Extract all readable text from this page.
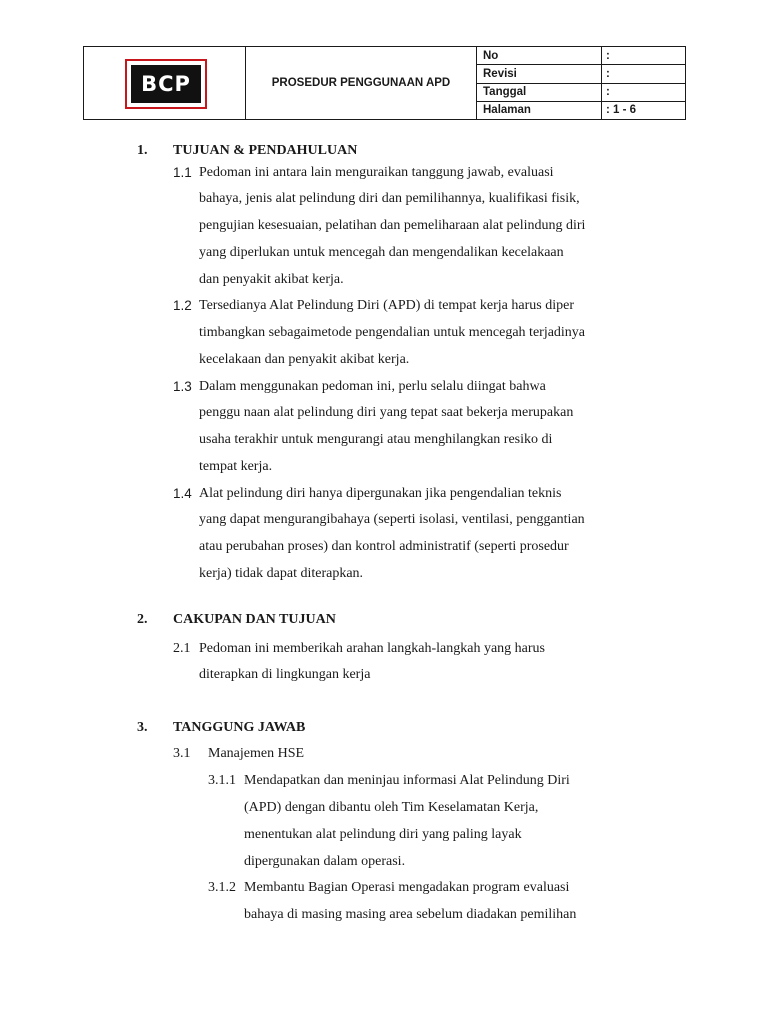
BCP	PROSEDUR PENGGUNAAN APD	No	:
		Revisi	:
		Tanggal	:
		Halaman	: 1 - 6
1. TUJUAN & PENDAHULUAN
1.1 Pedoman ini antara lain menguraikan tanggung jawab, evaluasi
bahaya, jenis alat pelindung diri dan pemilihannya, kualifikasi fisik,
pengujian kesesuaian, pelatihan dan pemeliharaan alat pelindung diri
yang diperlukan untuk mencegah dan mengendalikan kecelakaan
dan penyakit akibat kerja.
1.2 Tersedianya Alat Pelindung Diri (APD) di tempat kerja harus diper
timbangkan sebagaimetode pengendalian untuk mencegah terjadinya
kecelakaan dan penyakit akibat kerja.
1.3 Dalam menggunakan pedoman ini, perlu selalu diingat bahwa
penggu naan alat pelindung diri yang tepat saat bekerja merupakan
usaha terakhir untuk mengurangi atau menghilangkan resiko di
tempat kerja.
1.4 Alat pelindung diri hanya dipergunakan jika pengendalian teknis
yang dapat mengurangibahaya (seperti isolasi, ventilasi, penggantian
atau perubahan proses) dan kontrol administratif (seperti prosedur
kerja) tidak dapat diterapkan.
2. CAKUPAN DAN TUJUAN
2.1 Pedoman ini memberikah arahan langkah-langkah yang harus
diterapkan di lingkungan kerja
3. TANGGUNG JAWAB
3.1 Manajemen HSE
3.1.1 Mendapatkan dan meninjau informasi Alat Pelindung Diri
(APD) dengan dibantu oleh Tim Keselamatan Kerja,
menentukan alat pelindung diri yang paling layak
dipergunakan dalam operasi.
3.1.2 Membantu Bagian Operasi mengadakan program evaluasi
bahaya di masing masing area sebelum diadakan pemilihan
